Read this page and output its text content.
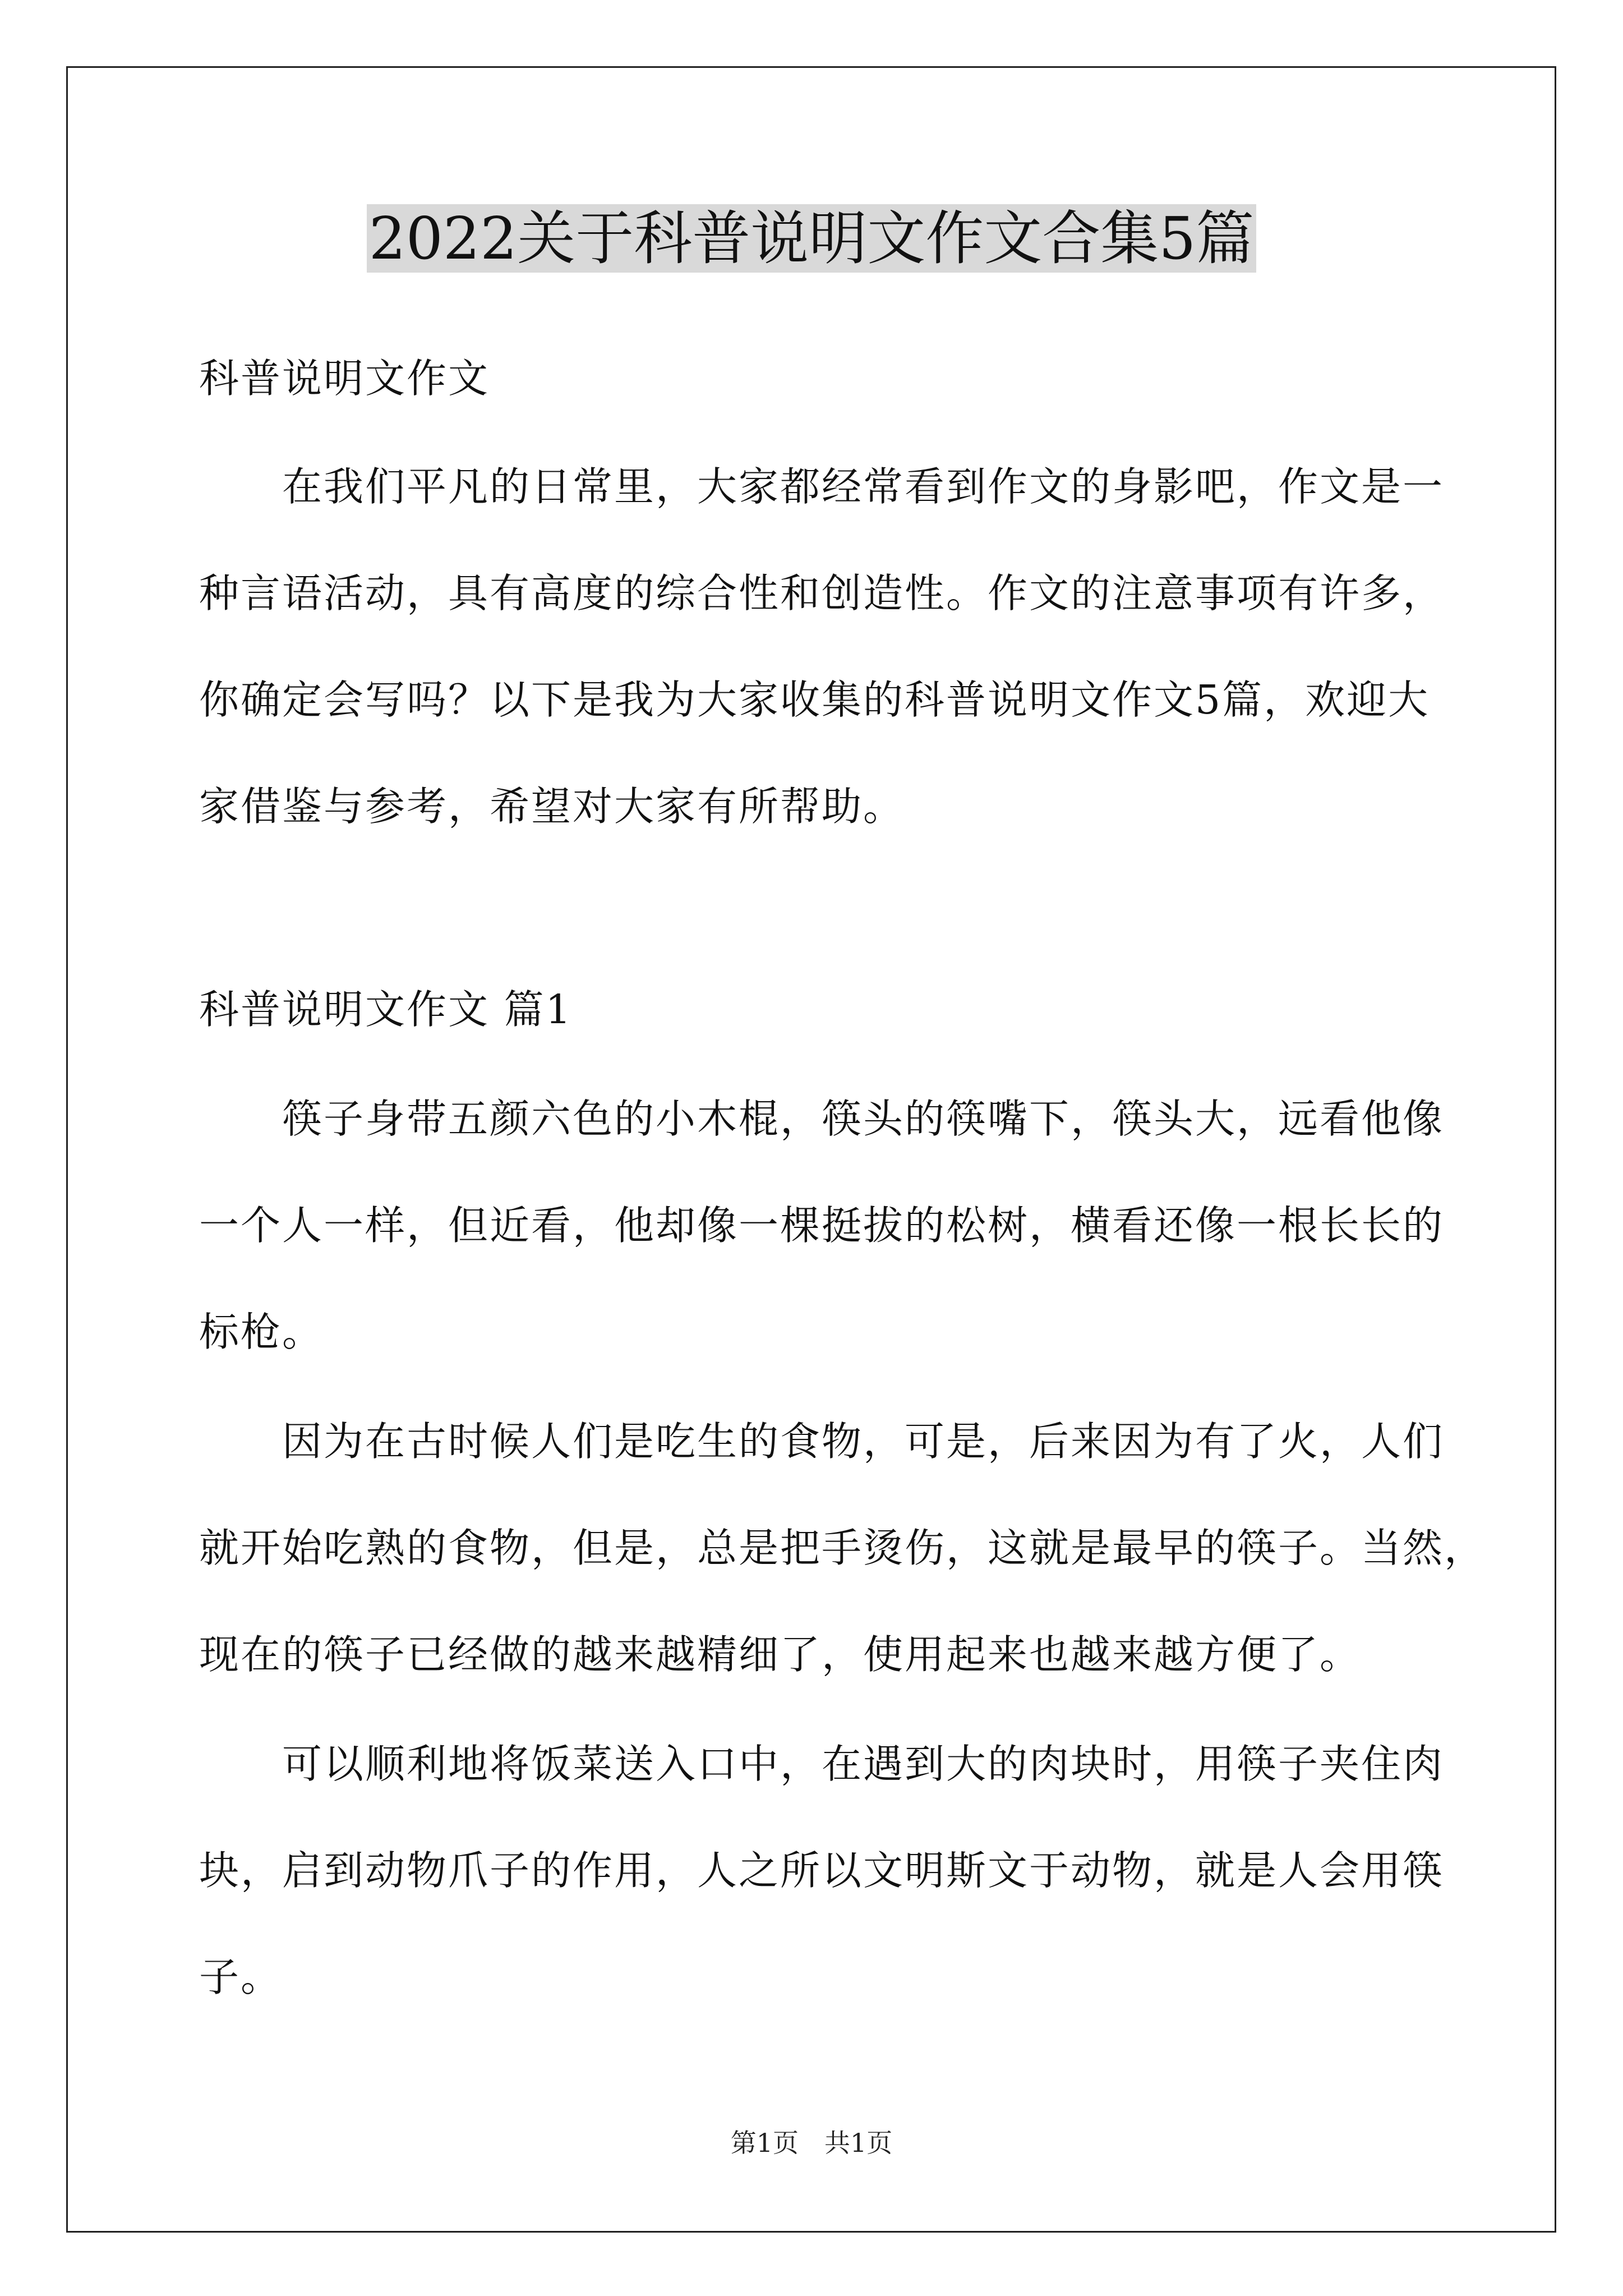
2022关于科普说明文作文合集5篇
科普说明文作文
　　在我们平凡的日常里，大家都经常看到作文的身影吧，作文是一
种言语活动，具有高度的综合性和创造性。作文的注意事项有许多，
你确定会写吗？以下是我为大家收集的科普说明文作文5篇，欢迎大
家借鉴与参考，希望对大家有所帮助。
科普说明文作文 篇1
　　筷子身带五颜六色的小木棍，筷头的筷嘴下，筷头大，远看他像
一个人一样，但近看，他却像一棵挺拔的松树，横看还像一根长长的
标枪。
　　因为在古时候人们是吃生的食物，可是，后来因为有了火，人们
就开始吃熟的食物，但是，总是把手烫伤，这就是最早的筷子。当然，
现在的筷子已经做的越来越精细了，使用起来也越来越方便了。
　　可以顺利地将饭菜送入口中，在遇到大的肉块时，用筷子夹住肉
块，启到动物爪子的作用，人之所以文明斯文于动物，就是人会用筷
子。
第1页　共1页
